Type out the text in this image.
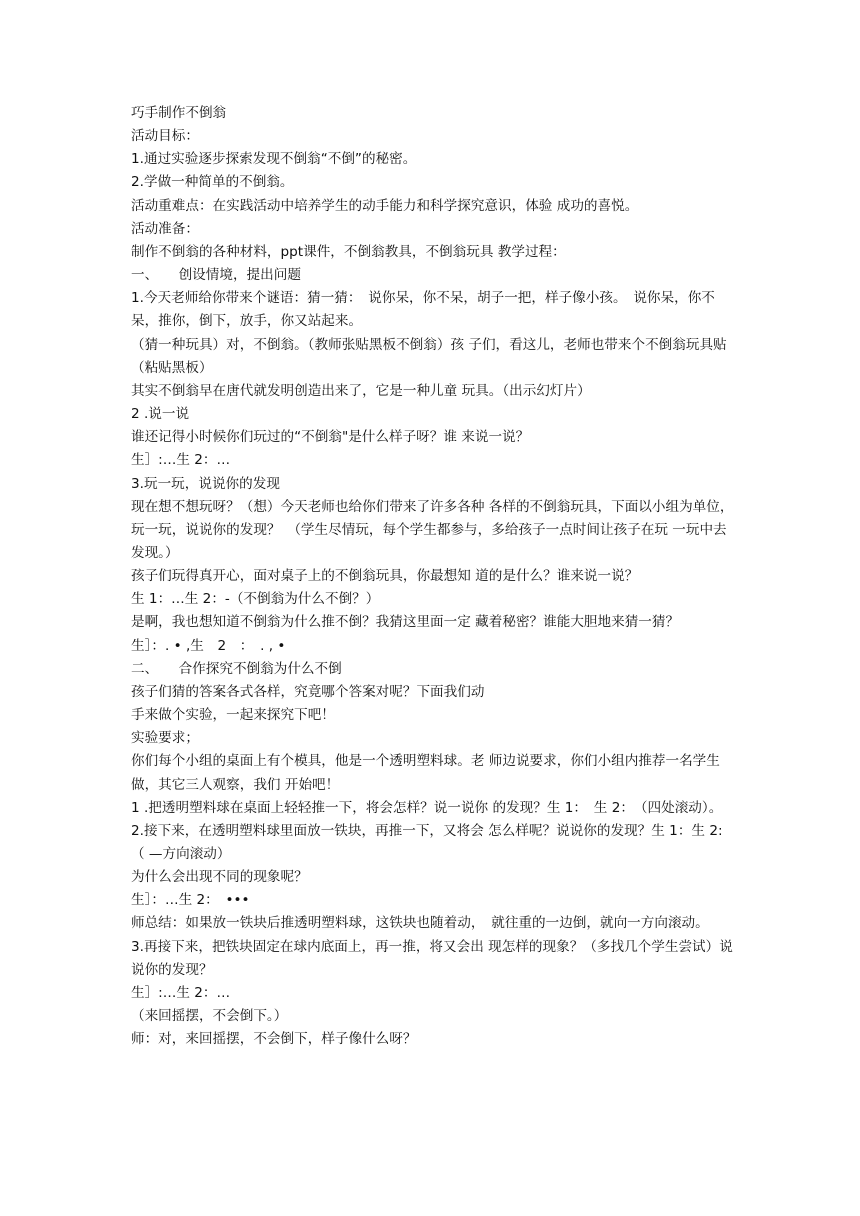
巧手制作不倒翁

活动目标：

1.通过实验逐步探索发现不倒翁“不倒”的秘密。

2.学做一种简单的不倒翁。

活动重难点：在实践活动中培养学生的动手能力和科学探究意识，体验 成功的喜悦。

活动准备：

制作不倒翁的各种材料，ppt课件，不倒翁教具，不倒翁玩具 教学过程：

一、　　创设情境，提出问题

1.今天老师给你带来个谜语：猜一猜：　说你呆，你不呆，胡子一把，样子像小孩。　说你呆，你不呆，推你，倒下，放手，你又站起来。

（猜一种玩具）对，不倒翁。（教师张贴黑板不倒翁）孩 子们，看这儿，老师也带来个不倒翁玩具贴（粘贴黑板）

其实不倒翁早在唐代就发明创造出来了，它是一种儿童 玩具。（出示幻灯片）

2 .说一说

谁还记得小时候你们玩过的“不倒翁"是什么样子呀？谁 来说一说？

生］:…生 2：…

3.玩一玩，说说你的发现

现在想不想玩呀？（想）今天老师也给你们带来了许多各种 各样的不倒翁玩具，下面以小组为单位，玩一玩，说说你的发现？　（学生尽情玩，每个学生都参与，多给孩子一点时间让孩子在玩 一玩中去发现。）

孩子们玩得真开心，面对桌子上的不倒翁玩具，你最想知 道的是什么？谁来说一说？

生 1：…生 2：-（不倒翁为什么不倒？）

是啊，我也想知道不倒翁为什么推不倒？我猜这里面一定 藏着秘密？谁能大胆地来猜一猜？

生］：. • ,生　2　：　. , •

二、　　合作探究不倒翁为什么不倒

孩子们猜的答案各式各样，究竟哪个答案对呢？下面我们动

手来做个实验，一起来探究下吧！

实验要求；

你们每个小组的桌面上有个模具，他是一个透明塑料球。老 师边说要求，你们小组内推荐一名学生做，其它三人观察，我们 开始吧！

1 .把透明塑料球在桌面上轻轻推一下，将会怎样？说一说你 的发现？生 1：　生 2：　（四处滚动）。

2.接下来，在透明塑料球里面放一铁块，再推一下，又将会 怎么样呢？说说你的发现？生 1：生 2:（ —方向滚动）

为什么会出现不同的现象呢？

生］：…生 2：　•••

师总结：如果放一铁块后推透明塑料球，这铁块也随着动，　就往重的一边倒，就向一方向滚动。

3.再接下来，把铁块固定在球内底面上，再一推，将又会出 现怎样的现象？（多找几个学生尝试）说说你的发现？

生］:…生 2：…

（来回摇摆，不会倒下。）

师：对，来回摇摆，不会倒下，样子像什么呀？
